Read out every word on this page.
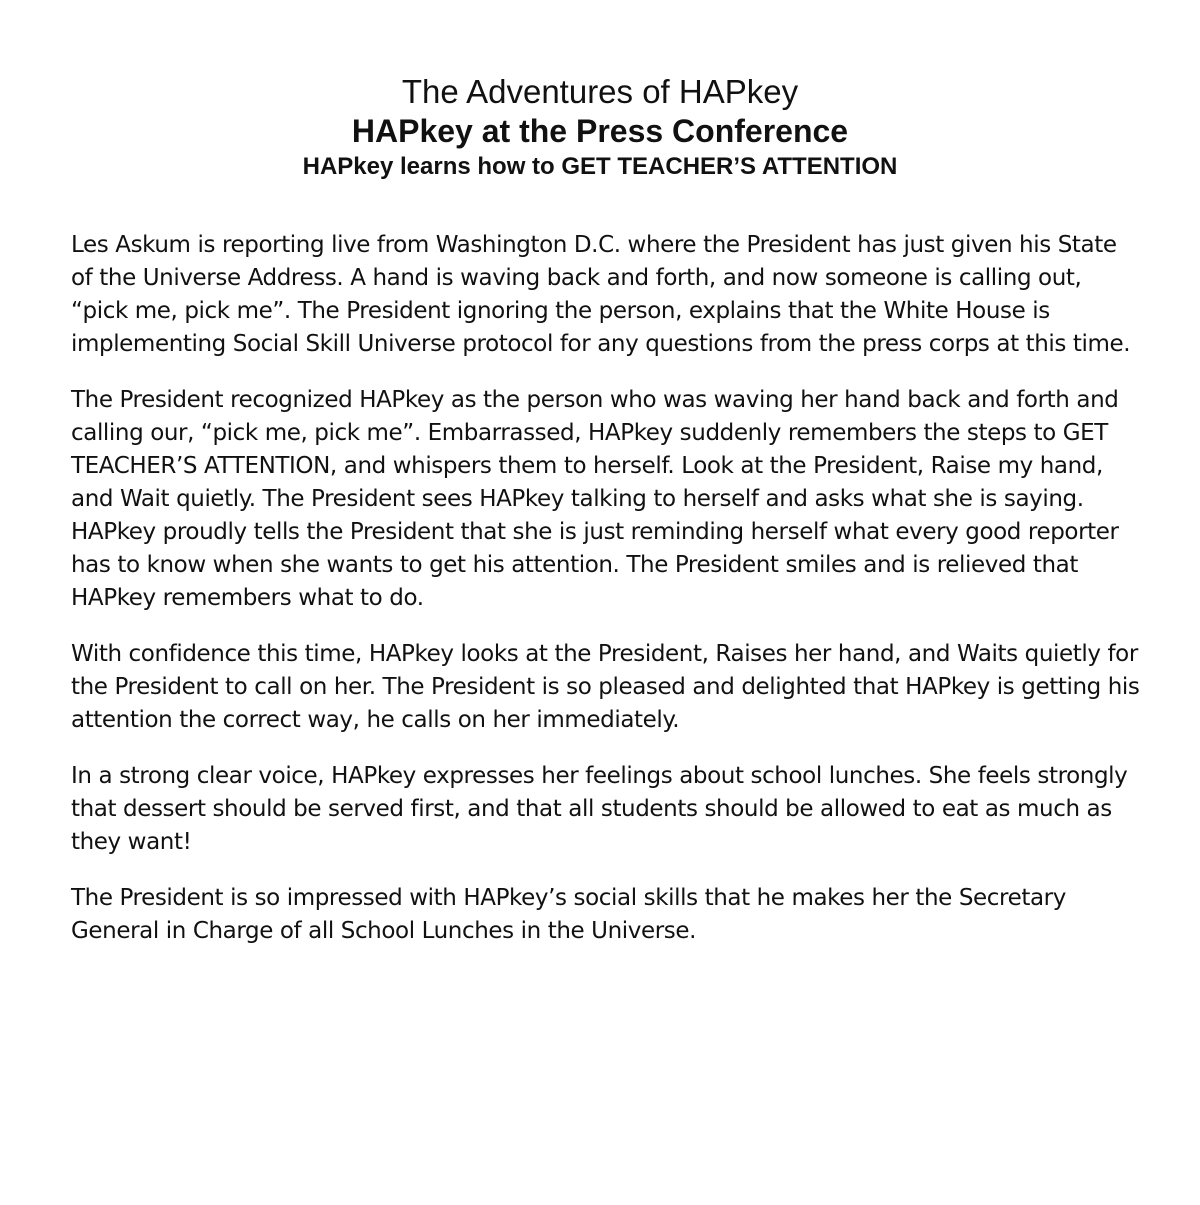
The Adventures of HAPkey
HAPkey at the Press Conference
HAPkey learns how to GET TEACHER’S ATTENTION

Les Askum is reporting live from Washington D.C. where the President has just given his State of the Universe Address. A hand is waving back and forth, and now someone is calling out, “pick me, pick me”. The President ignoring the person, explains that the White House is implementing Social Skill Universe protocol for any questions from the press corps at this time.

The President recognized HAPkey as the person who was waving her hand back and forth and calling our, “pick me, pick me”. Embarrassed, HAPkey suddenly remembers the steps to GET TEACHER’S ATTENTION, and whispers them to herself. Look at the President, Raise my hand, and Wait quietly. The President sees HAPkey talking to herself and asks what she is saying. HAPkey proudly tells the President that she is just reminding herself what every good reporter has to know when she wants to get his attention. The President smiles and is relieved that HAPkey remembers what to do.

With confidence this time, HAPkey looks at the President, Raises her hand, and Waits quietly for the President to call on her. The President is so pleased and delighted that HAPkey is getting his attention the correct way, he calls on her immediately.

In a strong clear voice, HAPkey expresses her feelings about school lunches. She feels strongly that dessert should be served first, and that all students should be allowed to eat as much as they want!

The President is so impressed with HAPkey’s social skills that he makes her the Secretary General in Charge of all School Lunches in the Universe.
